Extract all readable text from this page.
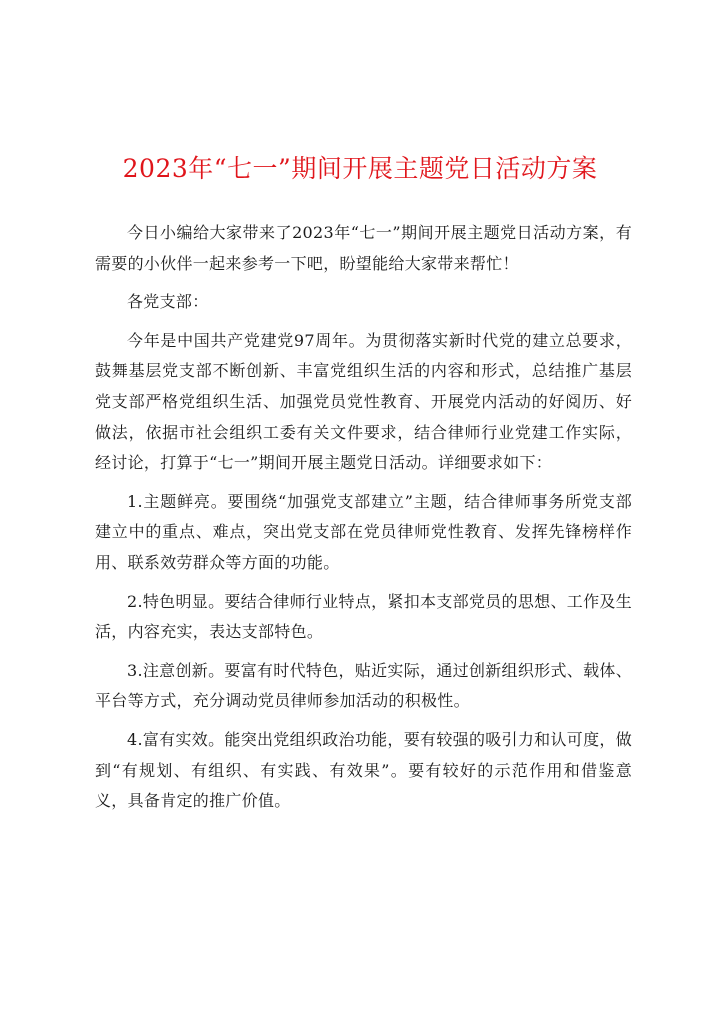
2023年“七一”期间开展主题党日活动方案

今日小编给大家带来了2023年“七一”期间开展主题党日活动方案，有需要的小伙伴一起来参考一下吧，盼望能给大家带来帮忙！

各党支部：

今年是中国共产党建党97周年。为贯彻落实新时代党的建立总要求，鼓舞基层党支部不断创新、丰富党组织生活的内容和形式，总结推广基层党支部严格党组织生活、加强党员党性教育、开展党内活动的好阅历、好做法，依据市社会组织工委有关文件要求，结合律师行业党建工作实际，经讨论，打算于“七一”期间开展主题党日活动。详细要求如下：

1.主题鲜亮。要围绕“加强党支部建立”主题，结合律师事务所党支部建立中的重点、难点，突出党支部在党员律师党性教育、发挥先锋榜样作用、联系效劳群众等方面的功能。

2.特色明显。要结合律师行业特点，紧扣本支部党员的思想、工作及生活，内容充实，表达支部特色。

3.注意创新。要富有时代特色，贴近实际，通过创新组织形式、载体、平台等方式，充分调动党员律师参加活动的积极性。

4.富有实效。能突出党组织政治功能，要有较强的吸引力和认可度，做到“有规划、有组织、有实践、有效果”。要有较好的示范作用和借鉴意义，具备肯定的推广价值。
